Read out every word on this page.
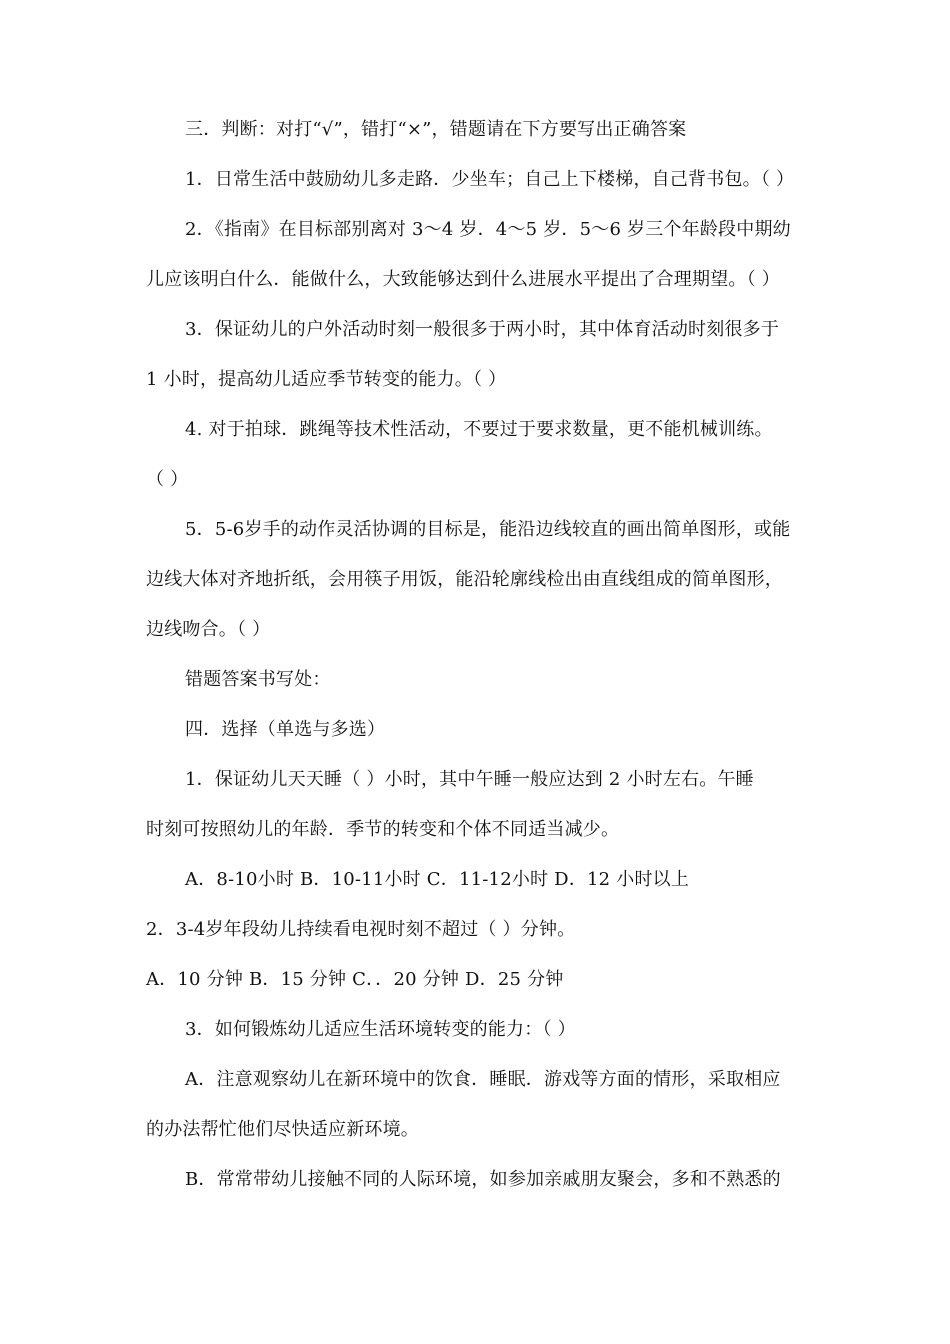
三．判断：对打“√”，错打“×”，错题请在下方要写出正确答案
1．日常生活中鼓励幼儿多走路．少坐车；自己上下楼梯，自己背书包。（ ）
2．《指南》在目标部别离对 3～4 岁．4～5 岁．5～6 岁三个年龄段中期幼
儿应该明白什么．能做什么，大致能够达到什么进展水平提出了合理期望。（ ）
3．保证幼儿的户外活动时刻一般很多于两小时，其中体育活动时刻很多于
1 小时，提高幼儿适应季节转变的能力。（ ）
4. 对于拍球．跳绳等技术性活动，不要过于要求数量，更不能机械训练。
（ ）
5．5-6岁手的动作灵活协调的目标是，能沿边线较直的画出简单图形，或能
边线大体对齐地折纸，会用筷子用饭，能沿轮廓线检出由直线组成的简单图形，
边线吻合。（ ）
错题答案书写处：
四．选择（单选与多选）
1．保证幼儿天天睡（ ）小时，其中午睡一般应达到 2 小时左右。午睡
时刻可按照幼儿的年龄．季节的转变和个体不同适当减少。
A．8-10小时 B．10-11小时 C．11-12小时 D．12 小时以上
2．3-4岁年段幼儿持续看电视时刻不超过（ ）分钟。
A．10 分钟 B．15 分钟 C．．20 分钟 D．25 分钟
3．如何锻炼幼儿适应生活环境转变的能力：（ ）
A．注意观察幼儿在新环境中的饮食．睡眠．游戏等方面的情形，采取相应
的办法帮忙他们尽快适应新环境。
B．常常带幼儿接触不同的人际环境，如参加亲戚朋友聚会，多和不熟悉的
